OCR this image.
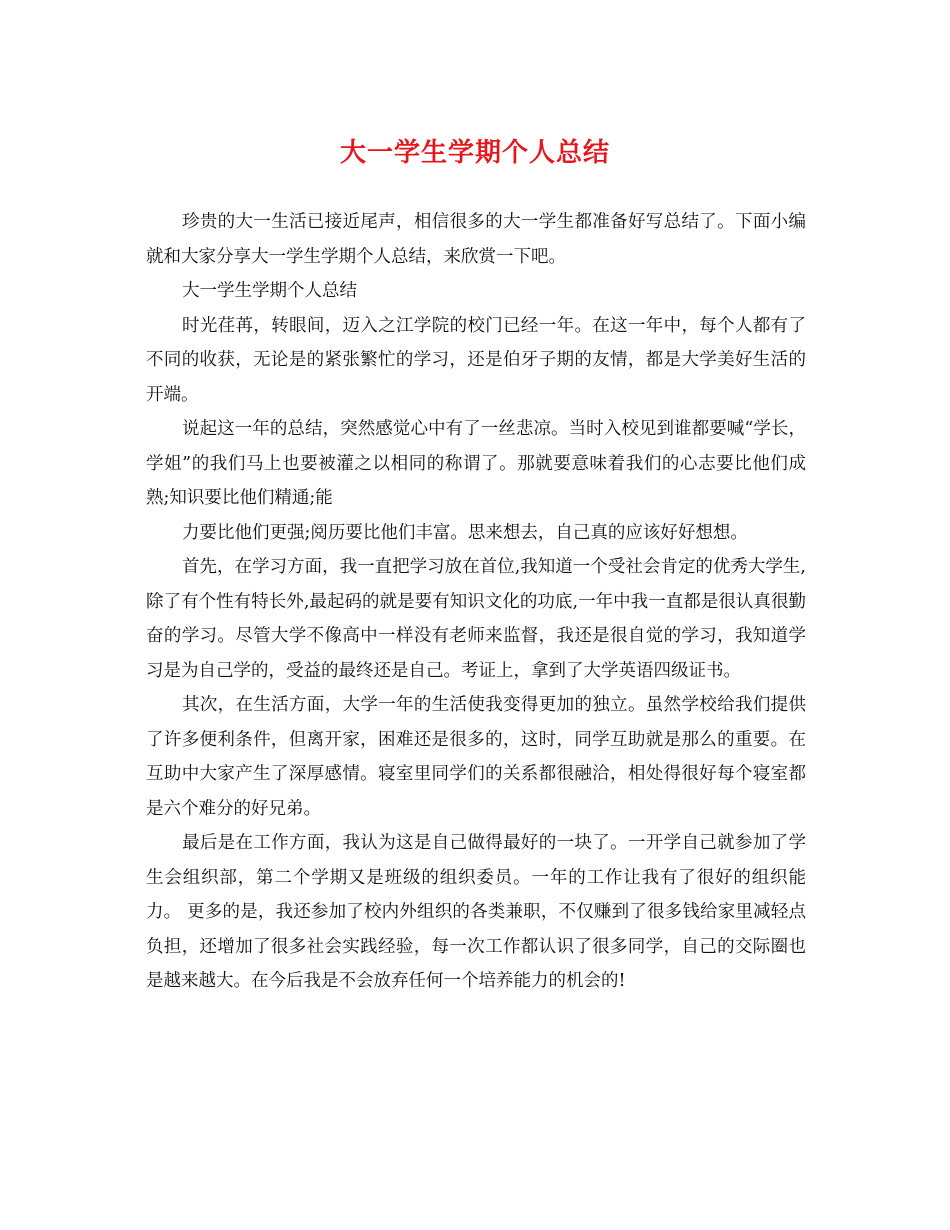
大一学生学期个人总结

珍贵的大一生活已接近尾声，相信很多的大一学生都准备好写总结了。下面小编就和大家分享大一学生学期个人总结，来欣赏一下吧。

大一学生学期个人总结

时光荏苒，转眼间，迈入之江学院的校门已经一年。在这一年中，每个人都有了不同的收获，无论是的紧张繁忙的学习，还是伯牙子期的友情，都是大学美好生活的开端。

说起这一年的总结，突然感觉心中有了一丝悲凉。当时入校见到谁都要喊“学长，学姐”的我们马上也要被灌之以相同的称谓了。那就要意味着我们的心志要比他们成熟;知识要比他们精通;能

力要比他们更强;阅历要比他们丰富。思来想去，自己真的应该好好想想。

首先，在学习方面，我一直把学习放在首位,我知道一个受社会肯定的优秀大学生,除了有个性有特长外,最起码的就是要有知识文化的功底,一年中我一直都是很认真很勤奋的学习。尽管大学不像高中一样没有老师来监督，我还是很自觉的学习，我知道学习是为自己学的，受益的最终还是自己。考证上，拿到了大学英语四级证书。

其次，在生活方面，大学一年的生活使我变得更加的独立。虽然学校给我们提供了许多便利条件，但离开家，困难还是很多的，这时，同学互助就是那么的重要。在互助中大家产生了深厚感情。寝室里同学们的关系都很融洽，相处得很好每个寝室都是六个难分的好兄弟。

最后是在工作方面，我认为这是自己做得最好的一块了。一开学自己就参加了学生会组织部，第二个学期又是班级的组织委员。一年的工作让我有了很好的组织能力。 更多的是，我还参加了校内外组织的各类兼职，不仅赚到了很多钱给家里减轻点负担，还增加了很多社会实践经验，每一次工作都认识了很多同学，自己的交际圈也是越来越大。在今后我是不会放弃任何一个培养能力的机会的!
